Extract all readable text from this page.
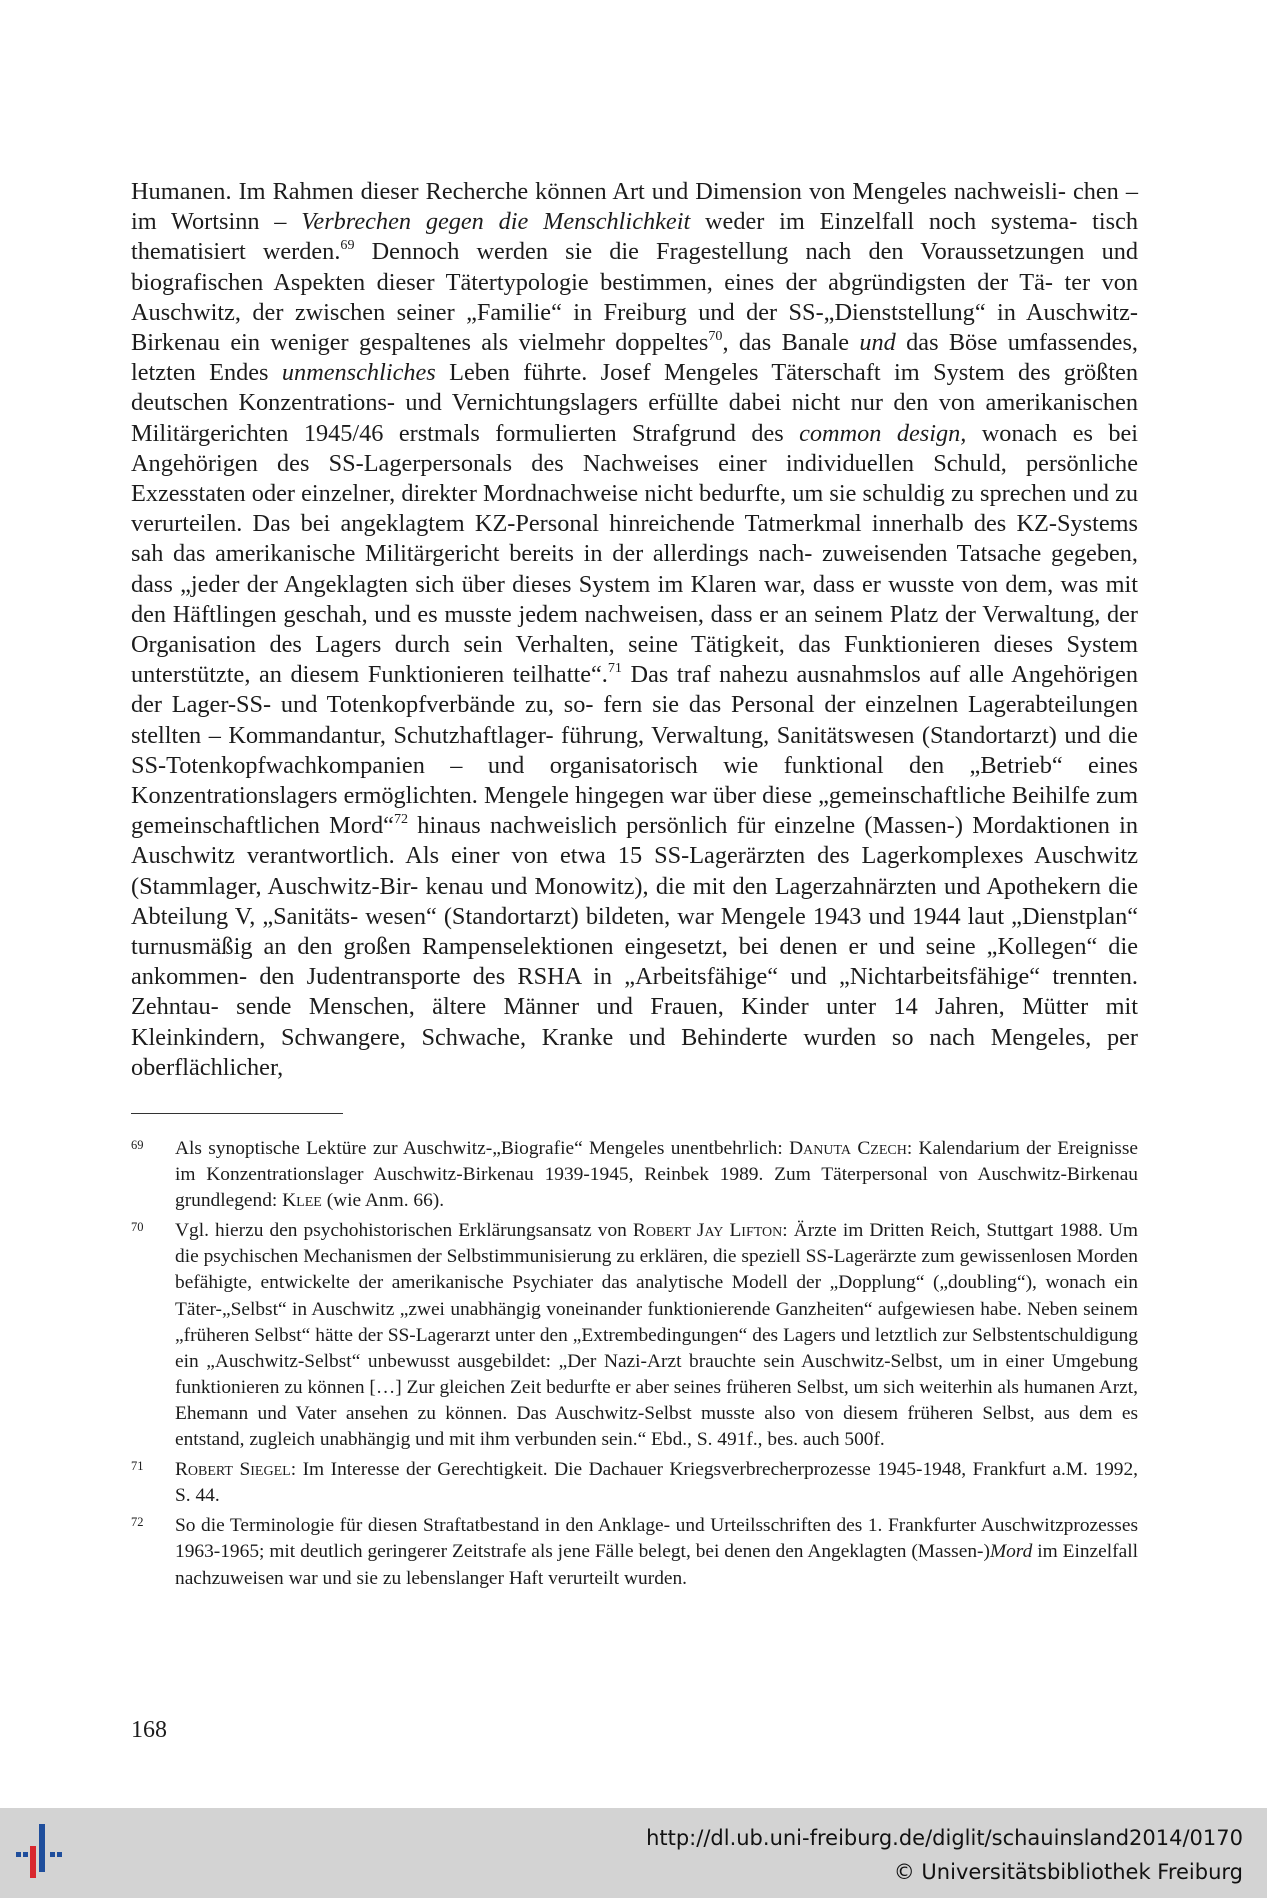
Humanen. Im Rahmen dieser Recherche können Art und Dimension von Mengeles nachweisli- chen – im Wortsinn – Verbrechen gegen die Menschlichkeit weder im Einzelfall noch systema- tisch thematisiert werden.$^{69}$ Dennoch werden sie die Fragestellung nach den Voraussetzungen und biografischen Aspekten dieser Tätertypologie bestimmen, eines der abgründigsten der Tä- ter von Auschwitz, der zwischen seiner „Familie“ in Freiburg und der SS-„Dienststellung“ in Auschwitz-Birkenau ein weniger gespaltenes als vielmehr doppeltes$^{70}$, das Banale und das Böse umfassendes, letzten Endes unmenschliches Leben führte. Josef Mengeles Täterschaft im System des größten deutschen Konzentrations- und Vernichtungslagers erfüllte dabei nicht nur den von amerikanischen Militärgerichten 1945/46 erstmals formulierten Strafgrund des common design, wonach es bei Angehörigen des SS-Lagerpersonals des Nachweises einer individuellen Schuld, persönliche Exzesstaten oder einzelner, direkter Mordnachweise nicht bedurfte, um sie schuldig zu sprechen und zu verurteilen. Das bei angeklagtem KZ-Personal hinreichende Tatmerkmal innerhalb des KZ-Systems sah das amerikanische Militärgericht bereits in der allerdings nach- zuweisenden Tatsache gegeben, dass „jeder der Angeklagten sich über dieses System im Klaren war, dass er wusste von dem, was mit den Häftlingen geschah, und es musste jedem nachweisen, dass er an seinem Platz der Verwaltung, der Organisation des Lagers durch sein Verhalten, seine Tätigkeit, das Funktionieren dieses System unterstützte, an diesem Funktionieren teilhatte“.$^{71}$ Das traf nahezu ausnahmslos auf alle Angehörigen der Lager-SS- und Totenkopfverbände zu, so- fern sie das Personal der einzelnen Lagerabteilungen stellten – Kommandantur, Schutzhaftlager- führung, Verwaltung, Sanitätswesen (Standortarzt) und die SS-Totenkopfwachkompanien – und organisatorisch wie funktional den „Betrieb“ eines Konzentrationslagers ermöglichten. Mengele hingegen war über diese „gemeinschaftliche Beihilfe zum gemeinschaftlichen Mord“$^{72}$ hinaus nachweislich persönlich für einzelne (Massen-) Mordaktionen in Auschwitz verantwortlich. Als einer von etwa 15 SS-Lagerärzten des Lagerkomplexes Auschwitz (Stammlager, Auschwitz-Bir- kenau und Monowitz), die mit den Lagerzahnärzten und Apothekern die Abteilung V, „Sanitäts- wesen“ (Standortarzt) bildeten, war Mengele 1943 und 1944 laut „Dienstplan“ turnusmäßig an den großen Rampenselektionen eingesetzt, bei denen er und seine „Kollegen“ die ankommen- den Judentransporte des RSHA in „Arbeitsfähige“ und „Nichtarbeitsfähige“ trennten. Zehntau- sende Menschen, ältere Männer und Frauen, Kinder unter 14 Jahren, Mütter mit Kleinkindern, Schwangere, Schwache, Kranke und Behinderte wurden so nach Mengeles, per oberflächlicher,

69 Als synoptische Lektüre zur Auschwitz-„Biografie“ Mengeles unentbehrlich: Danuta Czech: Kalendarium der Ereignisse im Konzentrationslager Auschwitz-Birkenau 1939-1945, Reinbek 1989. Zum Täterpersonal von Auschwitz-Birkenau grundlegend: Klee (wie Anm. 66).
70 Vgl. hierzu den psychohistorischen Erklärungsansatz von Robert Jay Lifton: Ärzte im Dritten Reich, Stuttgart 1988. Um die psychischen Mechanismen der Selbstimmunisierung zu erklären, die speziell SS-Lagerärzte zum gewissenlosen Morden befähigte, entwickelte der amerikanische Psychiater das analytische Modell der „Dopplung“ („doubling“), wonach ein Täter-„Selbst“ in Auschwitz „zwei unabhängig voneinander funktionierende Ganzheiten“ aufgewiesen habe. Neben seinem „früheren Selbst“ hätte der SS-Lagerarzt unter den „Extrembedingungen“ des Lagers und letztlich zur Selbstentschuldigung ein „Auschwitz-Selbst“ unbewusst ausgebildet: „Der Nazi-Arzt brauchte sein Auschwitz-Selbst, um in einer Umgebung funktionieren zu können […] Zur gleichen Zeit bedurfte er aber seines früheren Selbst, um sich weiterhin als humanen Arzt, Ehemann und Vater ansehen zu können. Das Auschwitz-Selbst musste also von diesem früheren Selbst, aus dem es entstand, zugleich unabhängig und mit ihm verbunden sein.“ Ebd., S. 491f., bes. auch 500f.
71 Robert Siegel: Im Interesse der Gerechtigkeit. Die Dachauer Kriegsverbrecherprozesse 1945-1948, Frankfurt a.M. 1992, S. 44.
72 So die Terminologie für diesen Straftatbestand in den Anklage- und Urteilsschriften des 1. Frankfurter Auschwitzprozesses 1963-1965; mit deutlich geringerer Zeitstrafe als jene Fälle belegt, bei denen den Angeklagten (Massen-)Mord im Einzelfall nachzuweisen war und sie zu lebenslanger Haft verurteilt wurden.
168
http://dl.ub.uni-freiburg.de/diglit/schauinsland2014/0170
© Universitätsbibliothek Freiburg
